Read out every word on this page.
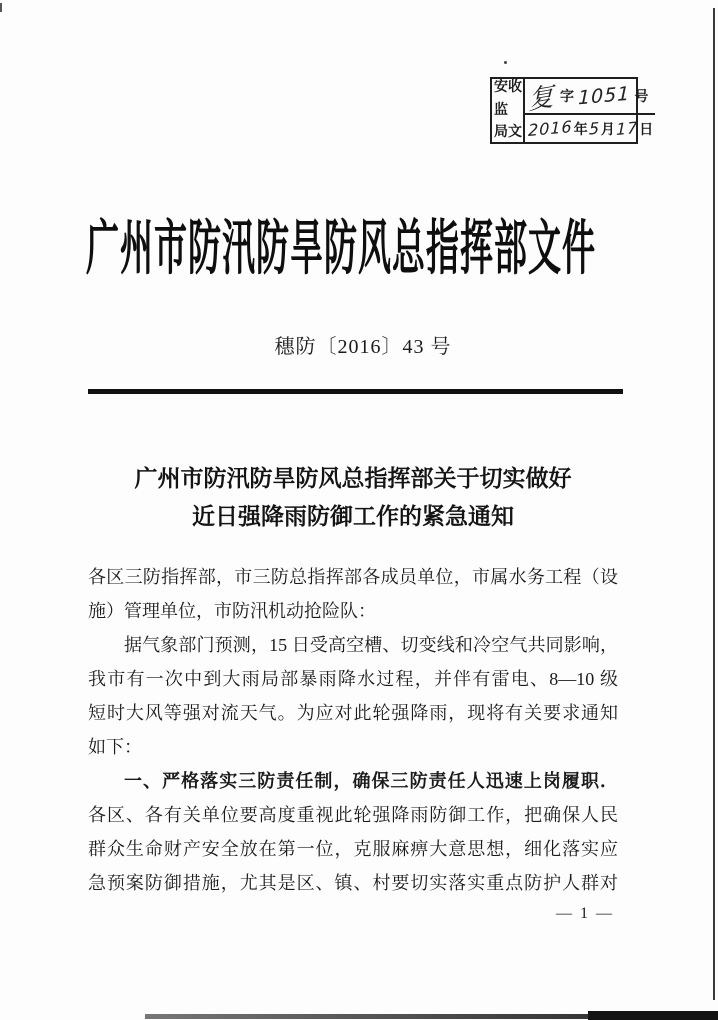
安
监
局
收
文
复 字 1051 号
2016 年 5 月 17 日
广州市防汛防旱防风总指挥部文件
穗防〔2016〕43 号
广州市防汛防旱防风总指挥部关于切实做好
近日强降雨防御工作的紧急通知
各区三防指挥部，市三防总指挥部各成员单位，市属水务工程（设
施）管理单位，市防汛机动抢险队：
据气象部门预测，15 日受高空槽、切变线和冷空气共同影响，
我市有一次中到大雨局部暴雨降水过程，并伴有雷电、8—10 级
短时大风等强对流天气。为应对此轮强降雨，现将有关要求通知
如下：
一、严格落实三防责任制，确保三防责任人迅速上岗履职．
各区、各有关单位要高度重视此轮强降雨防御工作，把确保人民
群众生命财产安全放在第一位，克服麻痹大意思想，细化落实应
急预案防御措施，尤其是区、镇、村要切实落实重点防护人群对
— 1 —
